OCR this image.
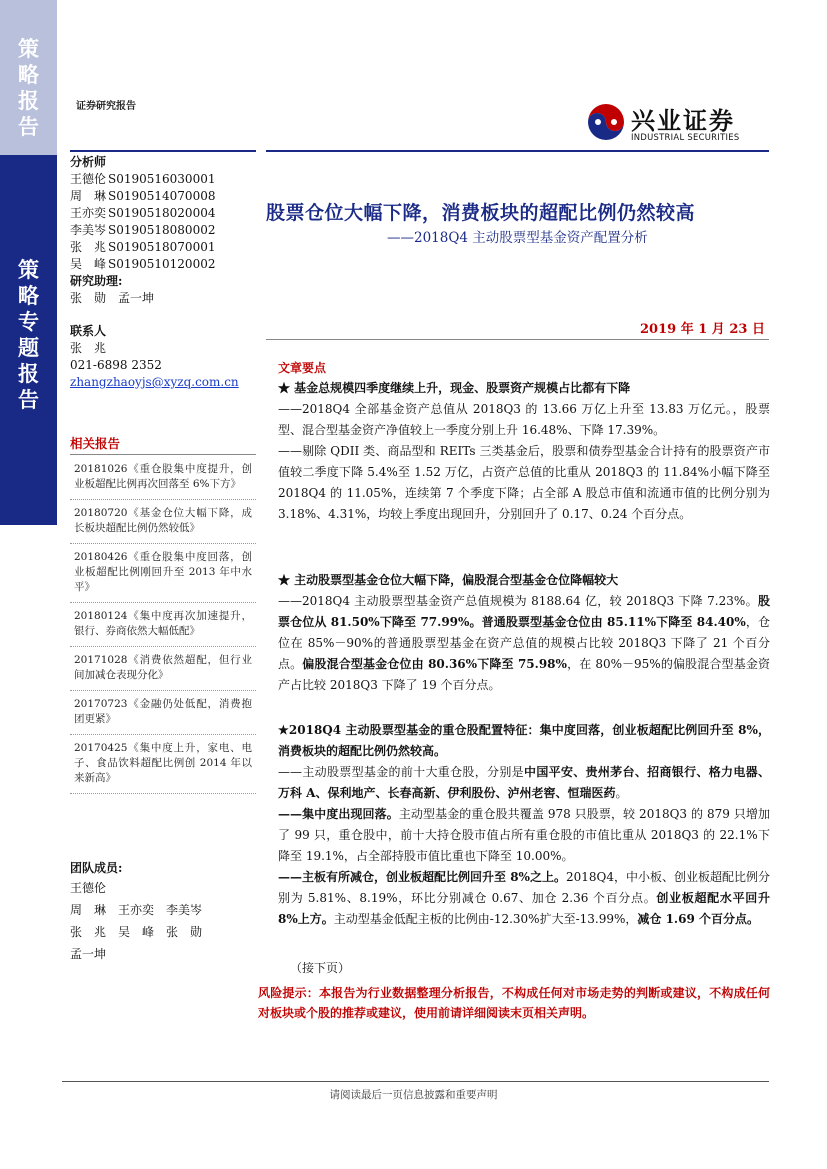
策
略
报
告
策
略
专
题
报
告
证券研究报告
兴业证券
INDUSTRIAL SECURITIES
分析师
王德伦 S0190516030001
周　琳 S0190514070008
王亦奕 S0190518020004
李美岑 S0190518080002
张　兆 S0190518070001
吴　峰 S0190510120002
研究助理:
张　勋　孟一坤
联系人
张　兆
021-6898 2352
zhangzhaoyjs@xyzq.com.cn
相关报告
20181026《重仓股集中度提升，创业板超配比例再次回落至 6%下方》
20180720《基金仓位大幅下降，成长板块超配比例仍然较低》
20180426《重仓股集中度回落，创业板超配比例刚回升至 2013 年中水平》
20180124《集中度再次加速提升，银行、券商依然大幅低配》
20171028《消费依然超配，但行业间加减仓表现分化》
20170723《金融仍处低配，消费抱团更紧》
20170425《集中度上升，家电、电子、食品饮料超配比例创 2014 年以来新高》
团队成员:
王德伦
周　琳　王亦奕　李美岑
张　兆　吴　峰　张　勋
孟一坤
股票仓位大幅下降，消费板块的超配比例仍然较高
——2018Q4 主动股票型基金资产配置分析
2019 年 1 月 23 日
文章要点
★ 基金总规模四季度继续上升，现金、股票资产规模占比都有下降
——2018Q4 全部基金资产总值从 2018Q3 的 13.66 万亿上升至 13.83 万亿元。，股票型、混合型基金资产净值较上一季度分别上升 16.48%、下降 17.39%。
——剔除 QDII 类、商品型和 REITs 三类基金后，股票和债券型基金合计持有的股票资产市值较二季度下降 5.4%至 1.52 万亿，占资产总值的比重从 2018Q3 的 11.84%小幅下降至 2018Q4 的 11.05%，连续第 7 个季度下降；占全部 A 股总市值和流通市值的比例分别为 3.18%、4.31%，均较上季度出现回升，分别回升了 0.17、0.24 个百分点。
★ 主动股票型基金仓位大幅下降，偏股混合型基金仓位降幅较大
——2018Q4 主动股票型基金资产总值规模为 8188.64 亿，较 2018Q3 下降 7.23%。股票仓位从 81.50%下降至 77.99%。普通股票型基金仓位由 85.11%下降至 84.40%，仓位在 85%－90%的普通股票型基金在资产总值的规模占比较 2018Q3 下降了 21 个百分点。偏股混合型基金仓位由 80.36%下降至 75.98%，在 80%－95%的偏股混合型基金资产占比较 2018Q3 下降了 19 个百分点。
★2018Q4 主动股票型基金的重仓股配置特征：集中度回落，创业板超配比例回升至 8%，消费板块的超配比例仍然较高。
——主动股票型基金的前十大重仓股，分别是中国平安、贵州茅台、招商银行、格力电器、万科 A、保利地产、长春高新、伊利股份、泸州老窖、恒瑞医药。
——集中度出现回落。主动型基金的重仓股共覆盖 978 只股票，较 2018Q3 的 879 只增加了 99 只，重仓股中，前十大持仓股市值占所有重仓股的市值比重从 2018Q3 的 22.1%下降至 19.1%，占全部持股市值比重也下降至 10.00%。
——主板有所减仓，创业板超配比例回升至 8%之上。2018Q4，中小板、创业板超配比例分别为 5.81%、8.19%，环比分别减仓 0.67、加仓 2.36 个百分点。创业板超配水平回升 8%上方。主动型基金低配主板的比例由-12.30%扩大至-13.99%，减仓 1.69 个百分点。
（接下页）
风险提示：本报告为行业数据整理分析报告，不构成任何对市场走势的判断或建议，不构成任何对板块或个股的推荐或建议，使用前请详细阅读末页相关声明。
请阅读最后一页信息披露和重要声明
